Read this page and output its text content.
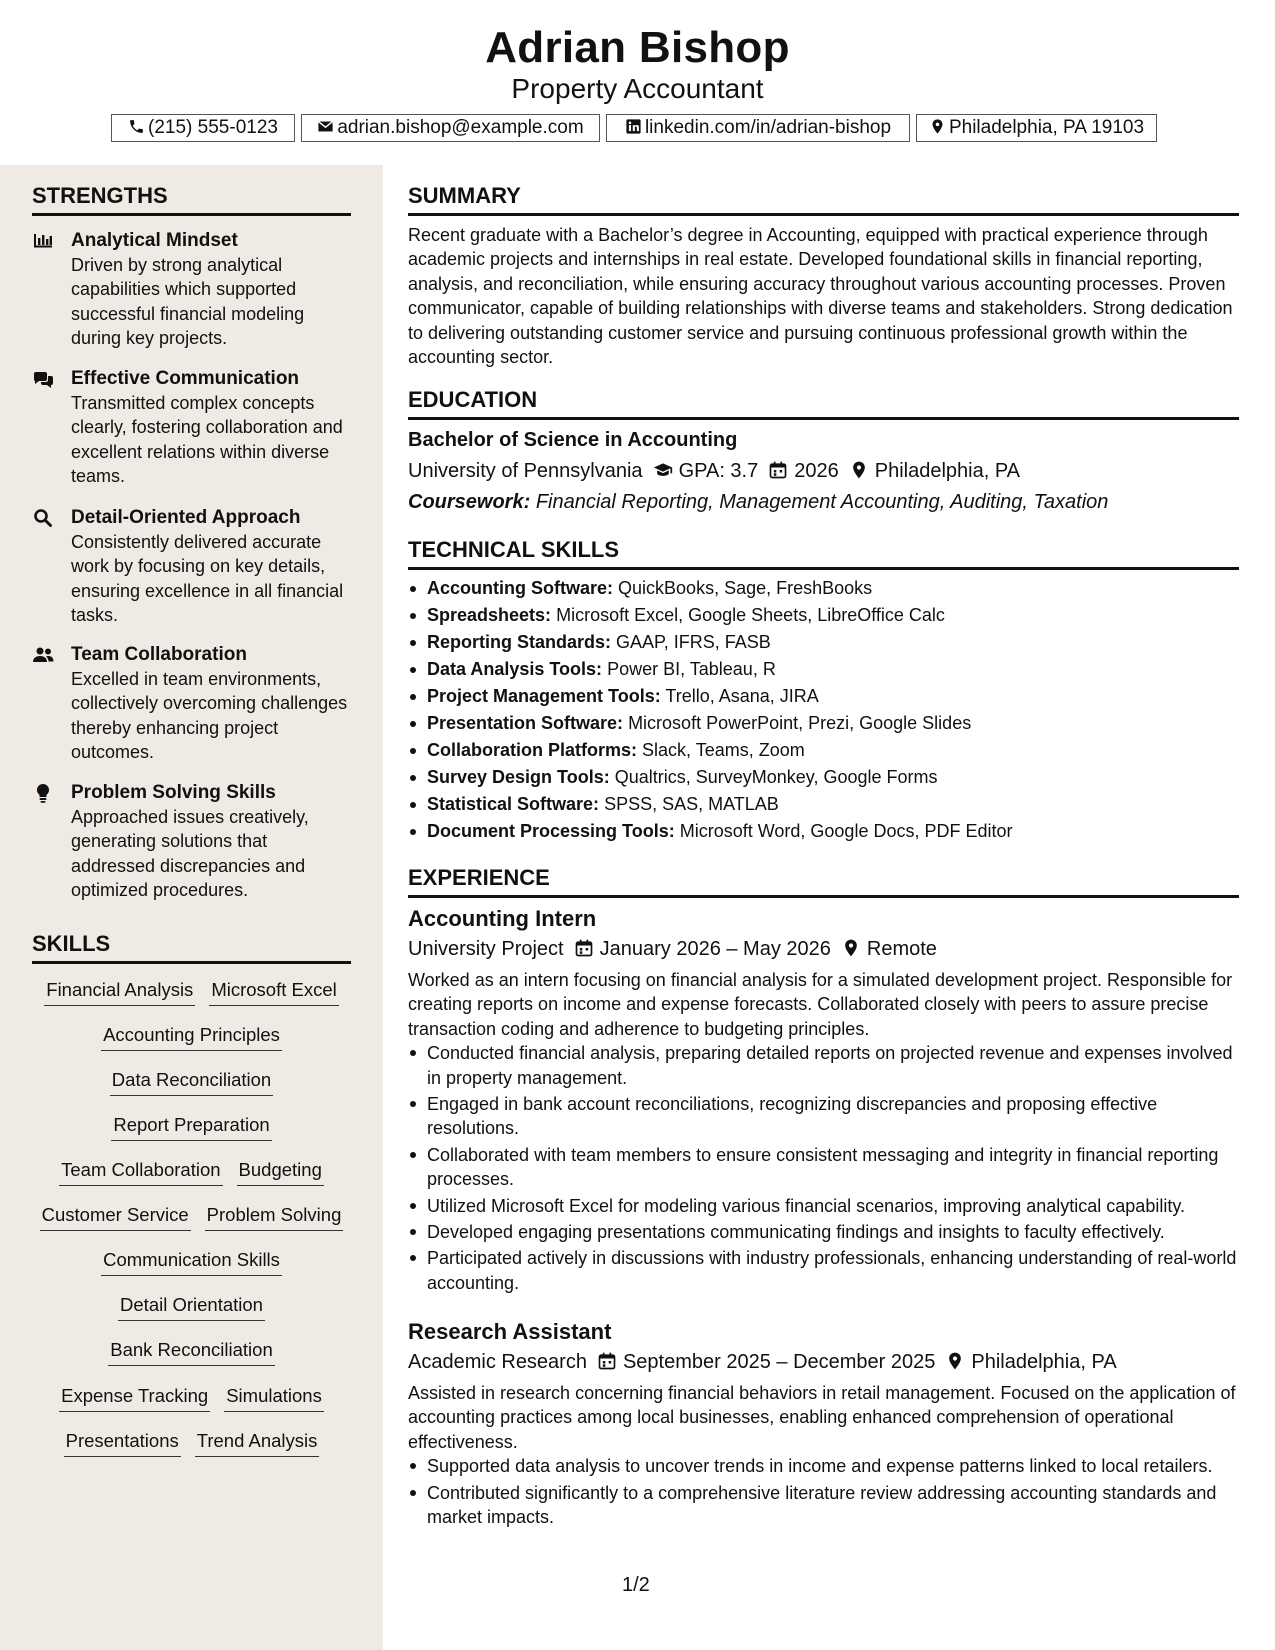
Adrian Bishop
Property Accountant
(215) 555-0123	adrian.bishop@example.com	linkedin.com/in/adrian-bishop	Philadelphia, PA 19103
STRENGTHS
Analytical Mindset
Driven by strong analytical capabilities which supported successful financial modeling during key projects.
Effective Communication
Transmitted complex concepts clearly, fostering collaboration and excellent relations within diverse teams.
Detail-Oriented Approach
Consistently delivered accurate work by focusing on key details, ensuring excellence in all financial tasks.
Team Collaboration
Excelled in team environments, collectively overcoming challenges thereby enhancing project outcomes.
Problem Solving Skills
Approached issues creatively, generating solutions that addressed discrepancies and optimized procedures.
SKILLS
Financial Analysis Microsoft Excel
Accounting Principles
Data Reconciliation
Report Preparation
Team Collaboration Budgeting
Customer Service Problem Solving
Communication Skills
Detail Orientation
Bank Reconciliation
Expense Tracking Simulations
Presentations Trend Analysis
SUMMARY
Recent graduate with a Bachelor’s degree in Accounting, equipped with practical experience through academic projects and internships in real estate. Developed foundational skills in financial reporting, analysis, and reconciliation, while ensuring accuracy throughout various accounting processes. Proven communicator, capable of building relationships with diverse teams and stakeholders. Strong dedication to delivering outstanding customer service and pursuing continuous professional growth within the accounting sector.
EDUCATION
Bachelor of Science in Accounting
University of Pennsylvania GPA: 3.7 2026 Philadelphia, PA
Coursework: Financial Reporting, Management Accounting, Auditing, Taxation
TECHNICAL SKILLS
Accounting Software: QuickBooks, Sage, FreshBooks
Spreadsheets: Microsoft Excel, Google Sheets, LibreOffice Calc
Reporting Standards: GAAP, IFRS, FASB
Data Analysis Tools: Power BI, Tableau, R
Project Management Tools: Trello, Asana, JIRA
Presentation Software: Microsoft PowerPoint, Prezi, Google Slides
Collaboration Platforms: Slack, Teams, Zoom
Survey Design Tools: Qualtrics, SurveyMonkey, Google Forms
Statistical Software: SPSS, SAS, MATLAB
Document Processing Tools: Microsoft Word, Google Docs, PDF Editor
EXPERIENCE
Accounting Intern
University Project January 2026 – May 2026 Remote
Worked as an intern focusing on financial analysis for a simulated development project. Responsible for creating reports on income and expense forecasts. Collaborated closely with peers to assure precise transaction coding and adherence to budgeting principles.
Conducted financial analysis, preparing detailed reports on projected revenue and expenses involved in property management.
Engaged in bank account reconciliations, recognizing discrepancies and proposing effective resolutions.
Collaborated with team members to ensure consistent messaging and integrity in financial reporting processes.
Utilized Microsoft Excel for modeling various financial scenarios, improving analytical capability.
Developed engaging presentations communicating findings and insights to faculty effectively.
Participated actively in discussions with industry professionals, enhancing understanding of real-world accounting.
Research Assistant
Academic Research September 2025 – December 2025 Philadelphia, PA
Assisted in research concerning financial behaviors in retail management. Focused on the application of accounting practices among local businesses, enabling enhanced comprehension of operational effectiveness.
Supported data analysis to uncover trends in income and expense patterns linked to local retailers.
Contributed significantly to a comprehensive literature review addressing accounting standards and market impacts.
1/2
